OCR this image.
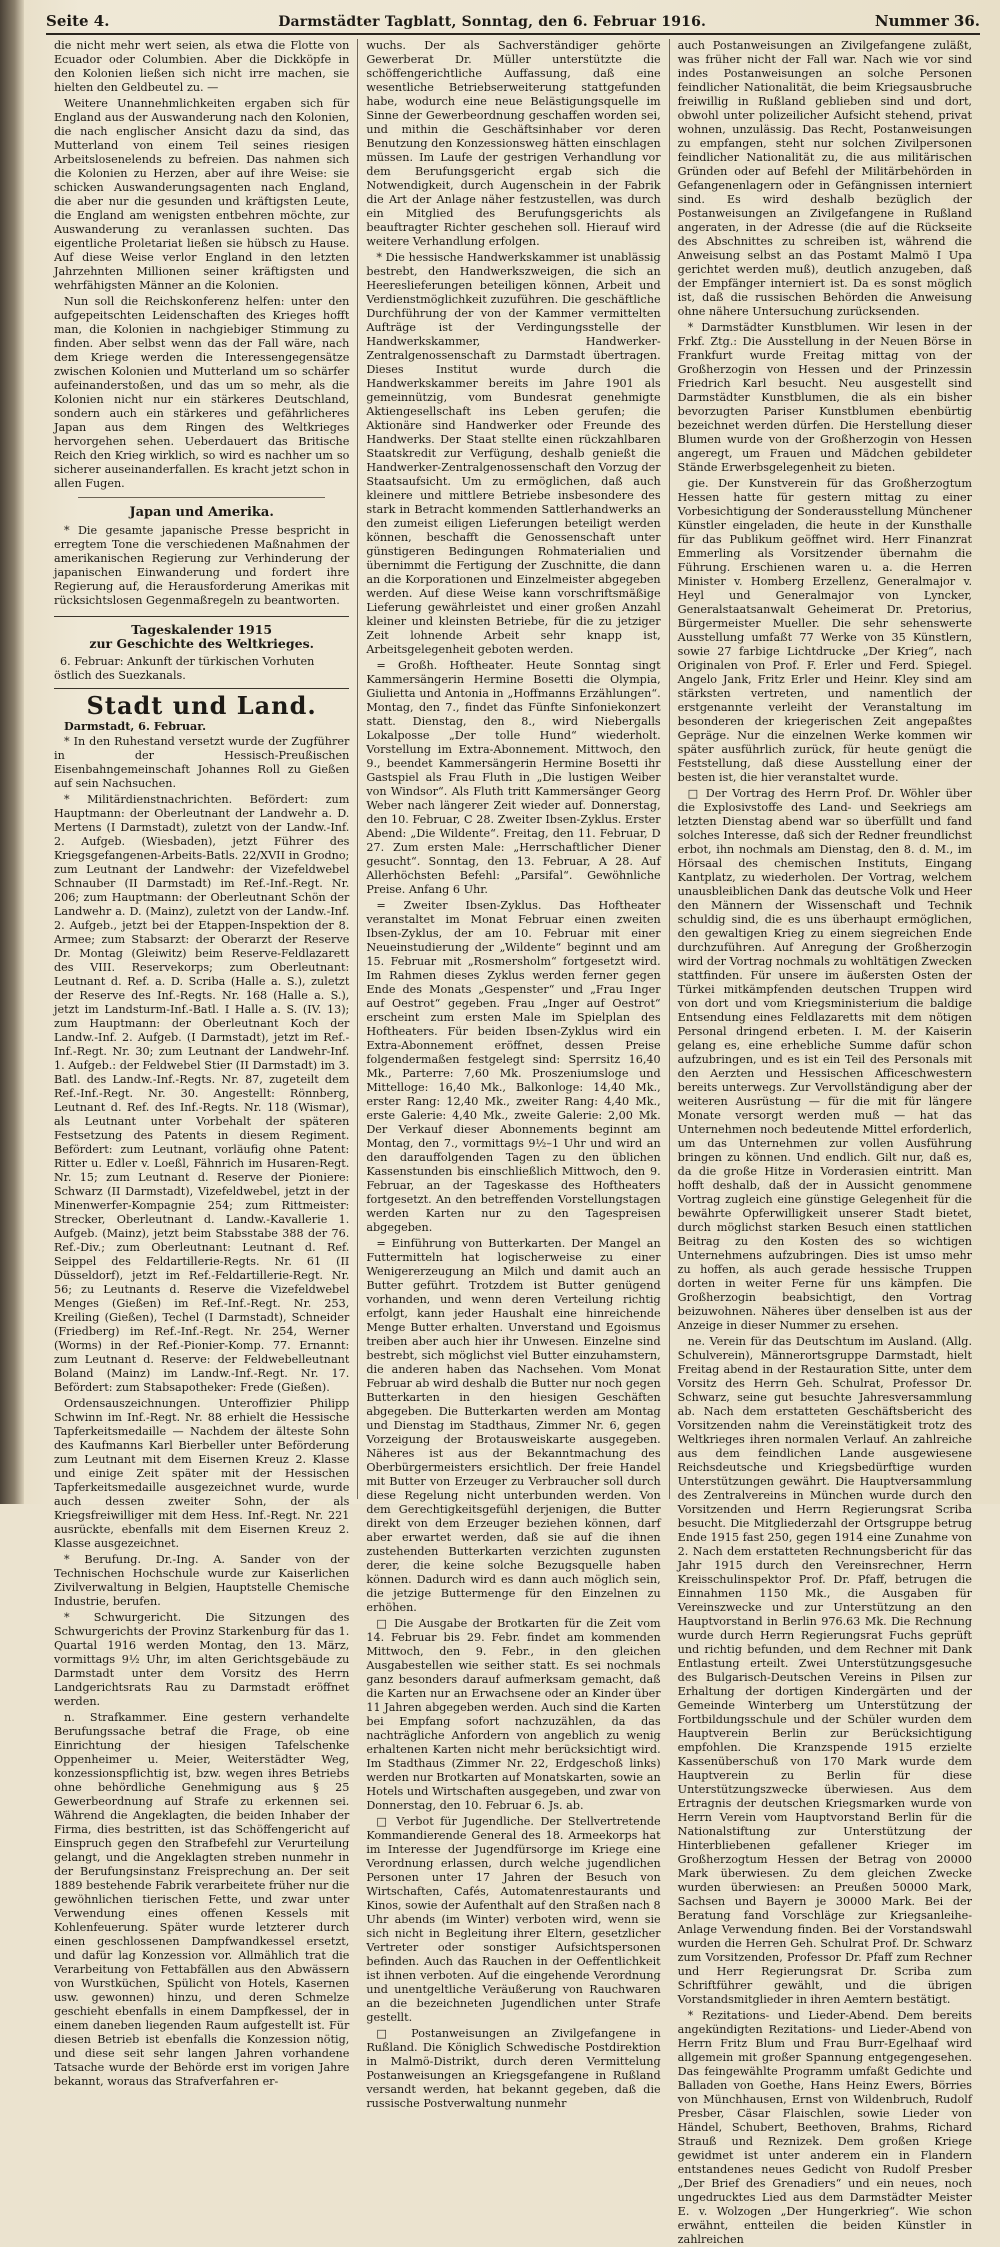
Seite 4.	Darmstädter Tagblatt, Sonntag, den 6. Februar 1916.	Nummer 36.

die nicht mehr wert seien, als etwa die Flotte von Ecuador oder Columbien. Aber die Dickköpfe in den Kolonien ließen sich nicht irre machen, sie hielten den Geldbeutel zu. —

Weitere Unannehmlichkeiten ergaben sich für England aus der Auswanderung nach den Kolonien, die nach englischer Ansicht dazu da sind, das Mutterland von einem Teil seines riesigen Arbeitslosenelends zu befreien. Das nahmen sich die Kolonien zu Herzen, aber auf ihre Weise: sie schicken Auswanderungsagenten nach England, die aber nur die gesunden und kräftigsten Leute, die England am wenigsten entbehren möchte, zur Auswanderung zu veranlassen suchten. Das eigentliche Proletariat ließen sie hübsch zu Hause. Auf diese Weise verlor England in den letzten Jahrzehnten Millionen seiner kräftigsten und wehrfähigsten Männer an die Kolonien.

Nun soll die Reichskonferenz helfen: unter den aufgepeitschten Leidenschaften des Krieges hofft man, die Kolonien in nachgiebiger Stimmung zu finden. Aber selbst wenn das der Fall wäre, nach dem Kriege werden die Interessengegensätze zwischen Kolonien und Mutterland um so schärfer aufeinanderstoßen, und das um so mehr, als die Kolonien nicht nur ein stärkeres Deutschland, sondern auch ein stärkeres und gefährlicheres Japan aus dem Ringen des Weltkrieges hervorgehen sehen. Ueberdauert das Britische Reich den Krieg wirklich, so wird es nachher um so sicherer auseinanderfallen. Es kracht jetzt schon in allen Fugen.

Japan und Amerika.

* Die gesamte japanische Presse bespricht in erregtem Tone die verschiedenen Maßnahmen der amerikanischen Regierung zur Verhinderung der japanischen Einwanderung und fordert ihre Regierung auf, die Herausforderung Amerikas mit rücksichtslosen Gegenmaßregeln zu beantworten.

Tageskalender 1915
zur Geschichte des Weltkrieges.
6. Februar: Ankunft der türkischen Vorhuten östlich des Suezkanals.
Stadt und Land.

Darmstadt, 6. Februar.

* In den Ruhestand versetzt wurde der Zugführer in der Hessisch-Preußischen Eisenbahngemeinschaft Johannes Roll zu Gießen auf sein Nachsuchen.

* Militärdienstnachrichten. Befördert: zum Hauptmann: der Oberleutnant der Landwehr a. D. Mertens (I Darmstadt), zuletzt von der Landw.-Inf. 2. Aufgeb. (Wiesbaden), jetzt Führer des Kriegsgefangenen-Arbeits-Batls. 22/XVII in Grodno; zum Leutnant der Landwehr: der Vizefeldwebel Schnauber (II Darmstadt) im Ref.-Inf.-Regt. Nr. 206; zum Hauptmann: der Oberleutnant Schön der Landwehr a. D. (Mainz), zuletzt von der Landw.-Inf. 2. Aufgeb., jetzt bei der Etappen-Inspektion der 8. Armee; zum Stabsarzt: der Oberarzt der Reserve Dr. Montag (Gleiwitz) beim Reserve-Feldlazarett des VIII. Reservekorps; zum Oberleutnant: Leutnant d. Ref. a. D. Scriba (Halle a. S.), zuletzt der Reserve des Inf.-Regts. Nr. 168 (Halle a. S.), jetzt im Landsturm-Inf.-Batl. I Halle a. S. (IV. 13); zum Hauptmann: der Oberleutnant Koch der Landw.-Inf. 2. Aufgeb. (I Darmstadt), jetzt im Ref.-Inf.-Regt. Nr. 30; zum Leutnant der Landwehr-Inf. 1. Aufgeb.: der Feldwebel Stier (II Darmstadt) im 3. Batl. des Landw.-Inf.-Regts. Nr. 87, zugeteilt dem Ref.-Inf.-Regt. Nr. 30. Angestellt: Rönnberg, Leutnant d. Ref. des Inf.-Regts. Nr. 118 (Wismar), als Leutnant unter Vorbehalt der späteren Festsetzung des Patents in diesem Regiment. Befördert: zum Leutnant, vorläufig ohne Patent: Ritter u. Edler v. Loeßl, Fähnrich im Husaren-Regt. Nr. 15; zum Leutnant d. Reserve der Pioniere: Schwarz (II Darmstadt), Vizefeldwebel, jetzt in der Minenwerfer-Kompagnie 254; zum Rittmeister: Strecker, Oberleutnant d. Landw.-Kavallerie 1. Aufgeb. (Mainz), jetzt beim Stabsstabe 388 der 76. Ref.-Div.; zum Oberleutnant: Leutnant d. Ref. Seippel des Feldartillerie-Regts. Nr. 61 (II Düsseldorf), jetzt im Ref.-Feldartillerie-Regt. Nr. 56; zu Leutnants d. Reserve die Vizefeldwebel Menges (Gießen) im Ref.-Inf.-Regt. Nr. 253, Kreiling (Gießen), Techel (I Darmstadt), Schneider (Friedberg) im Ref.-Inf.-Regt. Nr. 254, Werner (Worms) in der Ref.-Pionier-Komp. 77. Ernannt: zum Leutnant d. Reserve: der Feldwebelleutnant Boland (Mainz) im Landw.-Inf.-Regt. Nr. 17. Befördert: zum Stabsapotheker: Frede (Gießen).

Ordensauszeichnungen. Unteroffizier Philipp Schwinn im Inf.-Regt. Nr. 88 erhielt die Hessische Tapferkeitsmedaille — Nachdem der älteste Sohn des Kaufmanns Karl Bierbeller unter Beförderung zum Leutnant mit dem Eisernen Kreuz 2. Klasse und einige Zeit später mit der Hessischen Tapferkeitsmedaille ausgezeichnet wurde, wurde auch dessen zweiter Sohn, der als Kriegsfreiwilliger mit dem Hess. Inf.-Regt. Nr. 221 ausrückte, ebenfalls mit dem Eisernen Kreuz 2. Klasse ausgezeichnet.

* Berufung. Dr.-Ing. A. Sander von der Technischen Hochschule wurde zur Kaiserlichen Zivilverwaltung in Belgien, Hauptstelle Chemische Industrie, berufen.

* Schwurgericht. Die Sitzungen des Schwurgerichts der Provinz Starkenburg für das 1. Quartal 1916 werden Montag, den 13. März, vormittags 9½ Uhr, im alten Gerichtsgebäude zu Darmstadt unter dem Vorsitz des Herrn Landgerichtsrats Rau zu Darmstadt eröffnet werden.

n. Strafkammer. Eine gestern verhandelte Berufungssache betraf die Frage, ob eine Einrichtung der hiesigen Tafelschenke Oppenheimer u. Meier, Weiterstädter Weg, konzessionspflichtig ist, bzw. wegen ihres Betriebs ohne behördliche Genehmigung aus § 25 Gewerbeordnung auf Strafe zu erkennen sei. Während die Angeklagten, die beiden Inhaber der Firma, dies bestritten, ist das Schöffengericht auf Einspruch gegen den Strafbefehl zur Verurteilung gelangt, und die Angeklagten streben nunmehr in der Berufungsinstanz Freisprechung an. Der seit 1889 bestehende Fabrik verarbeitete früher nur die gewöhnlichen tierischen Fette, und zwar unter Verwendung eines offenen Kessels mit Kohlenfeuerung. Später wurde letzterer durch einen geschlossenen Dampfwandkessel ersetzt, und dafür lag Konzession vor. Allmählich trat die Verarbeitung von Fettabfällen aus den Abwässern von Wurstküchen, Spülicht von Hotels, Kasernen usw. gewonnen) hinzu, und deren Schmelze geschieht ebenfalls in einem Dampfkessel, der in einem daneben liegenden Raum aufgestellt ist. Für diesen Betrieb ist ebenfalls die Konzession nötig, und diese seit sehr langen Jahren vorhandene Tatsache wurde der Behörde erst im vorigen Jahre bekannt, woraus das Strafverfahren er-

wuchs. Der als Sachverständiger gehörte Gewerberat Dr. Müller unterstützte die schöffengerichtliche Auffassung, daß eine wesentliche Betriebserweiterung stattgefunden habe, wodurch eine neue Belästigungsquelle im Sinne der Gewerbeordnung geschaffen worden sei, und mithin die Geschäftsinhaber vor deren Benutzung den Konzessionsweg hätten einschlagen müssen. Im Laufe der gestrigen Verhandlung vor dem Berufungsgericht ergab sich die Notwendigkeit, durch Augenschein in der Fabrik die Art der Anlage näher festzustellen, was durch ein Mitglied des Berufungsgerichts als beauftragter Richter geschehen soll. Hierauf wird weitere Verhandlung erfolgen.

* Die hessische Handwerkskammer ist unablässig bestrebt, den Handwerkszweigen, die sich an Heereslieferungen beteiligen können, Arbeit und Verdienstmöglichkeit zuzuführen. Die geschäftliche Durchführung der von der Kammer vermittelten Aufträge ist der Verdingungsstelle der Handwerkskammer, Handwerker-Zentralgenossenschaft zu Darmstadt übertragen. Dieses Institut wurde durch die Handwerkskammer bereits im Jahre 1901 als gemeinnützig, vom Bundesrat genehmigte Aktiengesellschaft ins Leben gerufen; die Aktionäre sind Handwerker oder Freunde des Handwerks. Der Staat stellte einen rückzahlbaren Staatskredit zur Verfügung, deshalb genießt die Handwerker-Zentralgenossenschaft den Vorzug der Staatsaufsicht. Um zu ermöglichen, daß auch kleinere und mittlere Betriebe insbesondere des stark in Betracht kommenden Sattlerhandwerks an den zumeist eiligen Lieferungen beteiligt werden können, beschafft die Genossenschaft unter günstigeren Bedingungen Rohmaterialien und übernimmt die Fertigung der Zuschnitte, die dann an die Korporationen und Einzelmeister abgegeben werden. Auf diese Weise kann vorschriftsmäßige Lieferung gewährleistet und einer großen Anzahl kleiner und kleinsten Betriebe, für die zu jetziger Zeit lohnende Arbeit sehr knapp ist, Arbeitsgelegenheit geboten werden.

= Großh. Hoftheater. Heute Sonntag singt Kammersängerin Hermine Bosetti die Olympia, Giulietta und Antonia in „Hoffmanns Erzählungen“. Montag, den 7., findet das Fünfte Sinfoniekonzert statt. Dienstag, den 8., wird Niebergalls Lokalposse „Der tolle Hund“ wiederholt. Vorstellung im Extra-Abonnement. Mittwoch, den 9., beendet Kammersängerin Hermine Bosetti ihr Gastspiel als Frau Fluth in „Die lustigen Weiber von Windsor“. Als Fluth tritt Kammersänger Georg Weber nach längerer Zeit wieder auf. Donnerstag, den 10. Februar, C 28. Zweiter Ibsen-Zyklus. Erster Abend: „Die Wildente“. Freitag, den 11. Februar, D 27. Zum ersten Male: „Herrschaftlicher Diener gesucht“. Sonntag, den 13. Februar, A 28. Auf Allerhöchsten Befehl: „Parsifal“. Gewöhnliche Preise. Anfang 6 Uhr.

= Zweiter Ibsen-Zyklus. Das Hoftheater veranstaltet im Monat Februar einen zweiten Ibsen-Zyklus, der am 10. Februar mit einer Neueinstudierung der „Wildente“ beginnt und am 15. Februar mit „Rosmersholm“ fortgesetzt wird. Im Rahmen dieses Zyklus werden ferner gegen Ende des Monats „Gespenster“ und „Frau Inger auf Oestrot“ gegeben. Frau „Inger auf Oestrot“ erscheint zum ersten Male im Spielplan des Hoftheaters. Für beiden Ibsen-Zyklus wird ein Extra-Abonnement eröffnet, dessen Preise folgendermaßen festgelegt sind: Sperrsitz 16,40 Mk., Parterre: 7,60 Mk. Proszeniumsloge und Mittelloge: 16,40 Mk., Balkonloge: 14,40 Mk., erster Rang: 12,40 Mk., zweiter Rang: 4,40 Mk., erste Galerie: 4,40 Mk., zweite Galerie: 2,00 Mk. Der Verkauf dieser Abonnements beginnt am Montag, den 7., vormittags 9½–1 Uhr und wird an den darauffolgenden Tagen zu den üblichen Kassenstunden bis einschließlich Mittwoch, den 9. Februar, an der Tageskasse des Hoftheaters fortgesetzt. An den betreffenden Vorstellungstagen werden Karten nur zu den Tagespreisen abgegeben.

= Einführung von Butterkarten. Der Mangel an Futtermitteln hat logischerweise zu einer Wenigererzeugung an Milch und damit auch an Butter geführt. Trotzdem ist Butter genügend vorhanden, und wenn deren Verteilung richtig erfolgt, kann jeder Haushalt eine hinreichende Menge Butter erhalten. Unverstand und Egoismus treiben aber auch hier ihr Unwesen. Einzelne sind bestrebt, sich möglichst viel Butter einzuhamstern, die anderen haben das Nachsehen. Vom Monat Februar ab wird deshalb die Butter nur noch gegen Butterkarten in den hiesigen Geschäften abgegeben. Die Butterkarten werden am Montag und Dienstag im Stadthaus, Zimmer Nr. 6, gegen Vorzeigung der Brotausweiskarte ausgegeben. Näheres ist aus der Bekanntmachung des Oberbürgermeisters ersichtlich. Der freie Handel mit Butter von Erzeuger zu Verbraucher soll durch diese Regelung nicht unterbunden werden. Von dem Gerechtigkeitsgefühl derjenigen, die Butter direkt von dem Erzeuger beziehen können, darf aber erwartet werden, daß sie auf die ihnen zustehenden Butterkarten verzichten zugunsten derer, die keine solche Bezugsquelle haben können. Dadurch wird es dann auch möglich sein, die jetzige Buttermenge für den Einzelnen zu erhöhen.

□ Die Ausgabe der Brotkarten für die Zeit vom 14. Februar bis 29. Febr. findet am kommenden Mittwoch, den 9. Febr., in den gleichen Ausgabestellen wie seither statt. Es sei nochmals ganz besonders darauf aufmerksam gemacht, daß die Karten nur an Erwachsene oder an Kinder über 11 Jahren abgegeben werden. Auch sind die Karten bei Empfang sofort nachzuzählen, da das nachträgliche Anfordern von angeblich zu wenig erhaltenen Karten nicht mehr berücksichtigt wird. Im Stadthaus (Zimmer Nr. 22, Erdgeschoß links) werden nur Brotkarten auf Monatskarten, sowie an Hotels und Wirtschaften ausgegeben, und zwar von Donnerstag, den 10. Februar 6. Js. ab.

□ Verbot für Jugendliche. Der Stellvertretende Kommandierende General des 18. Armeekorps hat im Interesse der Jugendfürsorge im Kriege eine Verordnung erlassen, durch welche jugendlichen Personen unter 17 Jahren der Besuch von Wirtschaften, Cafés, Automatenrestaurants und Kinos, sowie der Aufenthalt auf den Straßen nach 8 Uhr abends (im Winter) verboten wird, wenn sie sich nicht in Begleitung ihrer Eltern, gesetzlicher Vertreter oder sonstiger Aufsichtspersonen befinden. Auch das Rauchen in der Oeffentlichkeit ist ihnen verboten. Auf die eingehende Verordnung und unentgeltliche Veräußerung von Rauchwaren an die bezeichneten Jugendlichen unter Strafe gestellt.

□ Postanweisungen an Zivilgefangene in Rußland. Die Königlich Schwedische Postdirektion in Malmö-Distrikt, durch deren Vermittelung Postanweisungen an Kriegsgefangene in Rußland versandt werden, hat bekannt gegeben, daß die russische Postverwaltung nunmehr

auch Postanweisungen an Zivilgefangene zuläßt, was früher nicht der Fall war. Nach wie vor sind indes Postanweisungen an solche Personen feindlicher Nationalität, die beim Kriegsausbruche freiwillig in Rußland geblieben sind und dort, obwohl unter polizeilicher Aufsicht stehend, privat wohnen, unzulässig. Das Recht, Postanweisungen zu empfangen, steht nur solchen Zivilpersonen feindlicher Nationalität zu, die aus militärischen Gründen oder auf Befehl der Militärbehörden in Gefangenenlagern oder in Gefängnissen interniert sind. Es wird deshalb bezüglich der Postanweisungen an Zivilgefangene in Rußland angeraten, in der Adresse (die auf die Rückseite des Abschnittes zu schreiben ist, während die Anweisung selbst an das Postamt Malmö I Upa gerichtet werden muß), deutlich anzugeben, daß der Empfänger interniert ist. Da es sonst möglich ist, daß die russischen Behörden die Anweisung ohne nähere Untersuchung zurücksenden.

* Darmstädter Kunstblumen. Wir lesen in der Frkf. Ztg.: Die Ausstellung in der Neuen Börse in Frankfurt wurde Freitag mittag von der Großherzogin von Hessen und der Prinzessin Friedrich Karl besucht. Neu ausgestellt sind Darmstädter Kunstblumen, die als ein bisher bevorzugten Pariser Kunstblumen ebenbürtig bezeichnet werden dürfen. Die Herstellung dieser Blumen wurde von der Großherzogin von Hessen angeregt, um Frauen und Mädchen gebildeter Stände Erwerbsgelegenheit zu bieten.

gie. Der Kunstverein für das Großherzogtum Hessen hatte für gestern mittag zu einer Vorbesichtigung der Sonderausstellung Münchener Künstler eingeladen, die heute in der Kunsthalle für das Publikum geöffnet wird. Herr Finanzrat Emmerling als Vorsitzender übernahm die Führung. Erschienen waren u. a. die Herren Minister v. Homberg Erzellenz, Generalmajor v. Heyl und Generalmajor von Lyncker, Generalstaatsanwalt Geheimerat Dr. Pretorius, Bürgermeister Mueller. Die sehr sehenswerte Ausstellung umfaßt 77 Werke von 35 Künstlern, sowie 27 farbige Lichtdrucke „Der Krieg“, nach Originalen von Prof. F. Erler und Ferd. Spiegel. Angelo Jank, Fritz Erler und Heinr. Kley sind am stärksten vertreten, und namentlich der erstgenannte verleiht der Veranstaltung im besonderen der kriegerischen Zeit angepaßtes Gepräge. Nur die einzelnen Werke kommen wir später ausführlich zurück, für heute genügt die Feststellung, daß diese Ausstellung einer der besten ist, die hier veranstaltet wurde.

□ Der Vortrag des Herrn Prof. Dr. Wöhler über die Explosivstoffe des Land- und Seekriegs am letzten Dienstag abend war so überfüllt und fand solches Interesse, daß sich der Redner freundlichst erbot, ihn nochmals am Dienstag, den 8. d. M., im Hörsaal des chemischen Instituts, Eingang Kantplatz, zu wiederholen. Der Vortrag, welchem unausbleiblichen Dank das deutsche Volk und Heer den Männern der Wissenschaft und Technik schuldig sind, die es uns überhaupt ermöglichen, den gewaltigen Krieg zu einem siegreichen Ende durchzuführen. Auf Anregung der Großherzogin wird der Vortrag nochmals zu wohltätigen Zwecken stattfinden. Für unsere im äußersten Osten der Türkei mitkämpfenden deutschen Truppen wird von dort und vom Kriegsministerium die baldige Entsendung eines Feldlazaretts mit dem nötigen Personal dringend erbeten. I. M. der Kaiserin gelang es, eine erhebliche Summe dafür schon aufzubringen, und es ist ein Teil des Personals mit den Aerzten und Hessischen Afficeschwestern bereits unterwegs. Zur Vervollständigung aber der weiteren Ausrüstung — für die mit für längere Monate versorgt werden muß — hat das Unternehmen noch bedeutende Mittel erforderlich, um das Unternehmen zur vollen Ausführung bringen zu können. Und endlich. Gilt nur, daß es, da die große Hitze in Vorderasien eintritt. Man hofft deshalb, daß der in Aussicht genommene Vortrag zugleich eine günstige Gelegenheit für die bewährte Opferwilligkeit unserer Stadt bietet, durch möglichst starken Besuch einen stattlichen Beitrag zu den Kosten des so wichtigen Unternehmens aufzubringen. Dies ist umso mehr zu hoffen, als auch gerade hessische Truppen dorten in weiter Ferne für uns kämpfen. Die Großherzogin beabsichtigt, den Vortrag beizuwohnen. Näheres über denselben ist aus der Anzeige in dieser Nummer zu ersehen.

ne. Verein für das Deutschtum im Ausland. (Allg. Schulverein), Männerortsgruppe Darmstadt, hielt Freitag abend in der Restauration Sitte, unter dem Vorsitz des Herrn Geh. Schulrat, Professor Dr. Schwarz, seine gut besuchte Jahresversammlung ab. Nach dem erstatteten Geschäftsbericht des Vorsitzenden nahm die Vereinstätigkeit trotz des Weltkrieges ihren normalen Verlauf. An zahlreiche aus dem feindlichen Lande ausgewiesene Reichsdeutsche und Kriegsbedürftige wurden Unterstützungen gewährt. Die Hauptversammlung des Zentralvereins in München wurde durch den Vorsitzenden und Herrn Regierungsrat Scriba besucht. Die Mitgliederzahl der Ortsgruppe betrug Ende 1915 fast 250, gegen 1914 eine Zunahme von 2. Nach dem erstatteten Rechnungsbericht für das Jahr 1915 durch den Vereinsrechner, Herrn Kreisschulinspektor Prof. Dr. Pfaff, betrugen die Einnahmen 1150 Mk., die Ausgaben für Vereinszwecke und zur Unterstützung an den Hauptvorstand in Berlin 976.63 Mk. Die Rechnung wurde durch Herrn Regierungsrat Fuchs geprüft und richtig befunden, und dem Rechner mit Dank Entlastung erteilt. Zwei Unterstützungsgesuche des Bulgarisch-Deutschen Vereins in Pilsen zur Erhaltung der dortigen Kindergärten und der Gemeinde Winterberg um Unterstützung der Fortbildungsschule und der Schüler wurden dem Hauptverein Berlin zur Berücksichtigung empfohlen. Die Kranzspende 1915 erzielte Kassenüberschuß von 170 Mark wurde dem Hauptverein zu Berlin für diese Unterstützungszwecke überwiesen. Aus dem Ertragnis der deutschen Kriegsmarken wurde von Herrn Verein vom Hauptvorstand Berlin für die Nationalstiftung zur Unterstützung der Hinterbliebenen gefallener Krieger im Großherzogtum Hessen der Betrag von 20000 Mark überwiesen. Zu dem gleichen Zwecke wurden überwiesen: an Preußen 50000 Mark, Sachsen und Bayern je 30000 Mark. Bei der Beratung fand Vorschläge zur Kriegsanleihe-Anlage Verwendung finden. Bei der Vorstandswahl wurden die Herren Geh. Schulrat Prof. Dr. Schwarz zum Vorsitzenden, Professor Dr. Pfaff zum Rechner und Herr Regierungsrat Dr. Scriba zum Schriftführer gewählt, und die übrigen Vorstandsmitglieder in ihren Aemtern bestätigt.

* Rezitations- und Lieder-Abend. Dem bereits angekündigten Rezitations- und Lieder-Abend von Herrn Fritz Blum und Frau Burr-Egelhaaf wird allgemein mit großer Spannung entgegengesehen. Das feingewählte Programm umfaßt Gedichte und Balladen von Goethe, Hans Heinz Ewers, Börries von Münchhausen, Ernst von Wildenbruch, Rudolf Presber, Cäsar Flaischlen, sowie Lieder von Händel, Schubert, Beethoven, Brahms, Richard Strauß und Reznizek. Dem großen Kriege gewidmet ist unter anderem ein in Flandern entstandenes neues Gedicht von Rudolf Presber „Der Brief des Grenadiers“ und ein neues, noch ungedrucktes Lied aus dem Darmstädter Meister E. v. Wolzogen „Der Hungerkrieg“. Wie schon erwähnt, entteilen die beiden Künstler in zahlreichen
